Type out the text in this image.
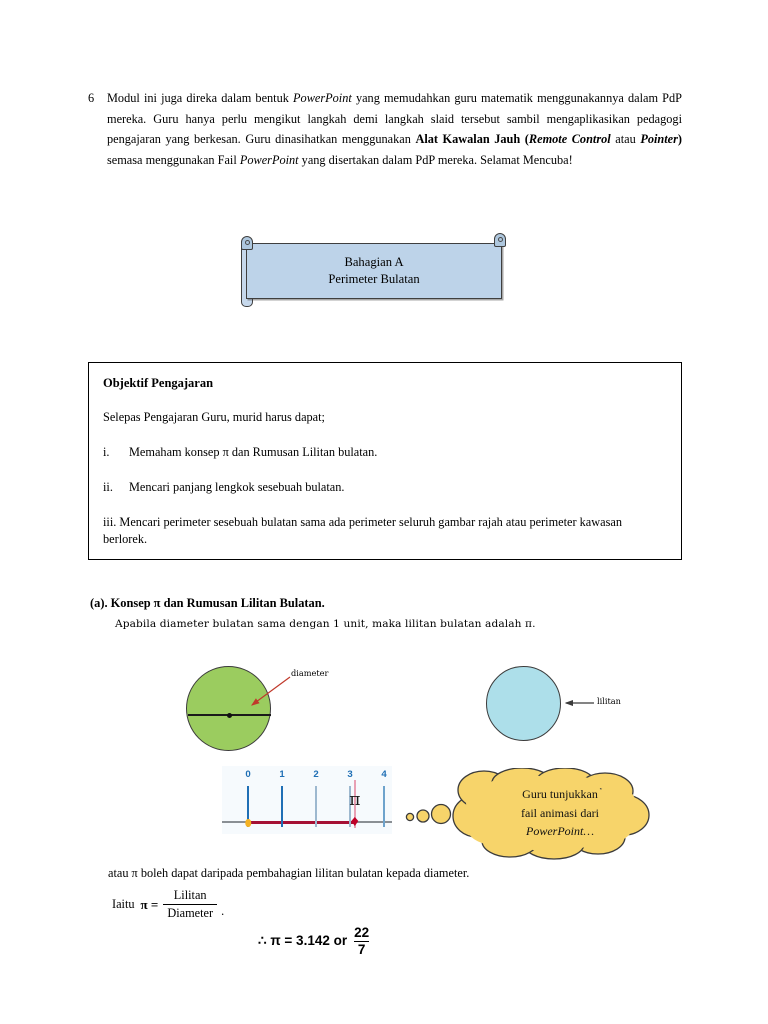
6 Modul ini juga direka dalam bentuk PowerPoint yang memudahkan guru matematik menggunakannya dalam PdP mereka. Guru hanya perlu mengikut langkah demi langkah slaid tersebut sambil mengaplikasikan pedagogi pengajaran yang berkesan. Guru dinasihatkan menggunakan Alat Kawalan Jauh (Remote Control atau Pointer) semasa menggunakan Fail PowerPoint yang disertakan dalam PdP mereka. Selamat Mencuba!
Bahagian A
Perimeter Bulatan
Objektif Pengajaran
Selepas Pengajaran Guru, murid harus dapat;
i.	Memaham konsep π dan Rumusan Lilitan bulatan.
ii.	Mencari panjang lengkok sesebuah bulatan.
iii. Mencari perimeter sesebuah bulatan sama ada perimeter seluruh gambar rajah atau perimeter kawasan berlorek.
(a). Konsep π dan Rumusan Lilitan Bulatan.
Apabila diameter bulatan sama dengan 1 unit, maka lilitan bulatan adalah π.
diameter
lilitan
0	1	2	3	4
π	Guru tunjukkan
fail animasi dari
PowerPoint…
atau π boleh dapat daripada pembahagian lilitan bulatan kepada diameter.
Iaitu $\pi = \frac{\text{Lilitan}}{\text{Diameter}}$ .
∴ π = 3.142 or
22
7
